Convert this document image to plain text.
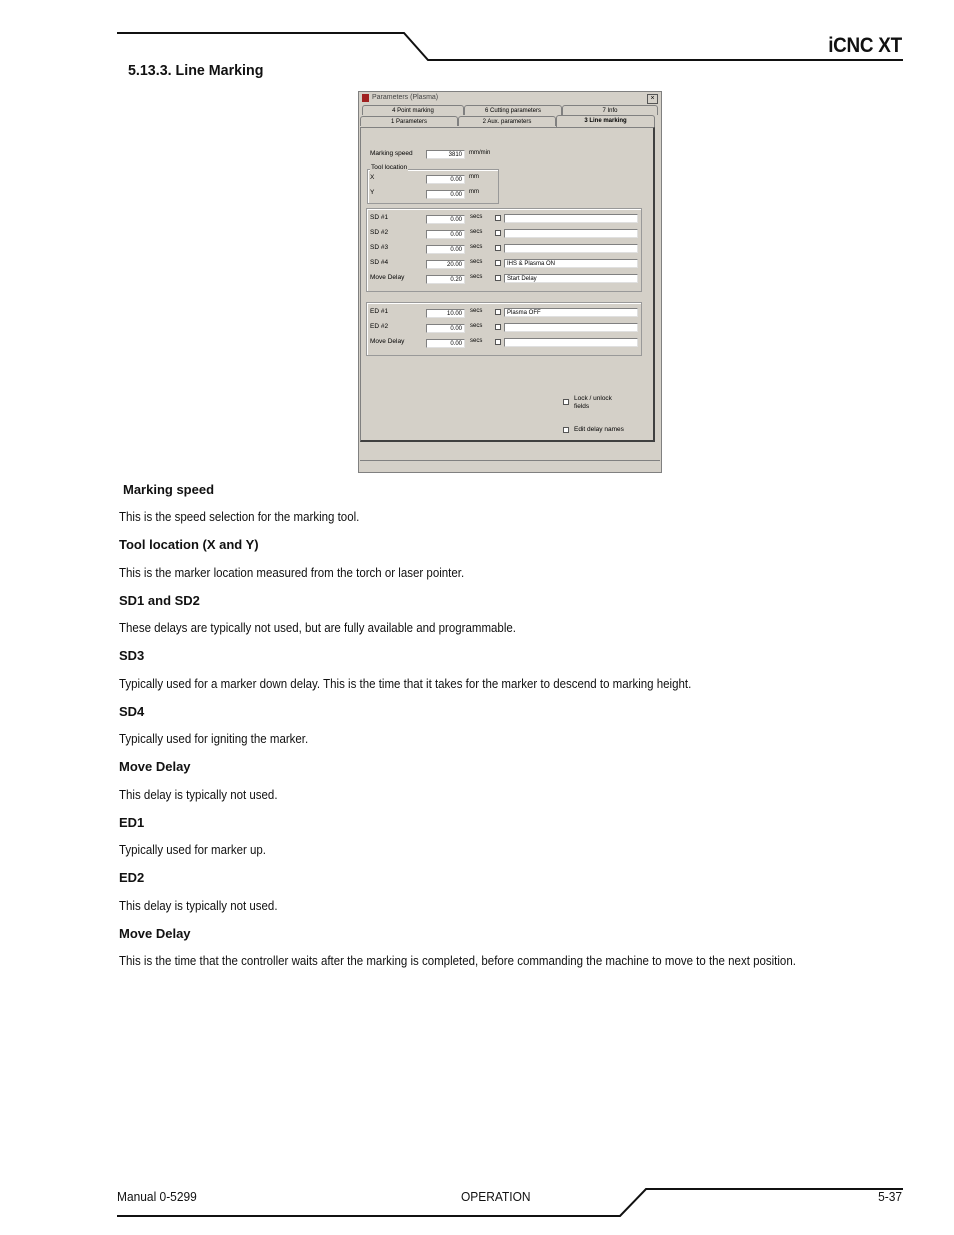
iCNC XT
5.13.3. Line Marking
Parameters (Plasma)	×
4 Point marking	6 Cutting parameters	7 Info
1 Parameters	2 Aux. parameters	3 Line marking
Marking speed	3810	mm/min
Tool location
X	0.00	mm
Y	0.00	mm
SD #1	0.00	secs
SD #2	0.00	secs
SD #3	0.00	secs
SD #4	20.00	secs	IHS & Plasma ON
Move Delay	0.20	secs	Start Delay
ED #1	10.00	secs	Plasma OFF
ED #2	0.00	secs
Move Delay	0.00	secs
Lock / unlock fields
Edit delay names
Marking speed
This is the speed selection for the marking tool.
Tool location (X and Y)
This is the marker location measured from the torch or laser pointer.
SD1 and SD2
These delays are typically not used, but are fully available and programmable.
SD3
Typically used for a marker down delay. This is the time that it takes for the marker to descend to marking height.
SD4
Typically used for igniting the marker.
Move Delay
This delay is typically not used.
ED1
Typically used for marker up.
ED2
This delay is typically not used.
Move Delay
This is the time that the controller waits after the marking is completed, before commanding the machine to move to the next position.
Manual 0-5299	OPERATION	5-37
